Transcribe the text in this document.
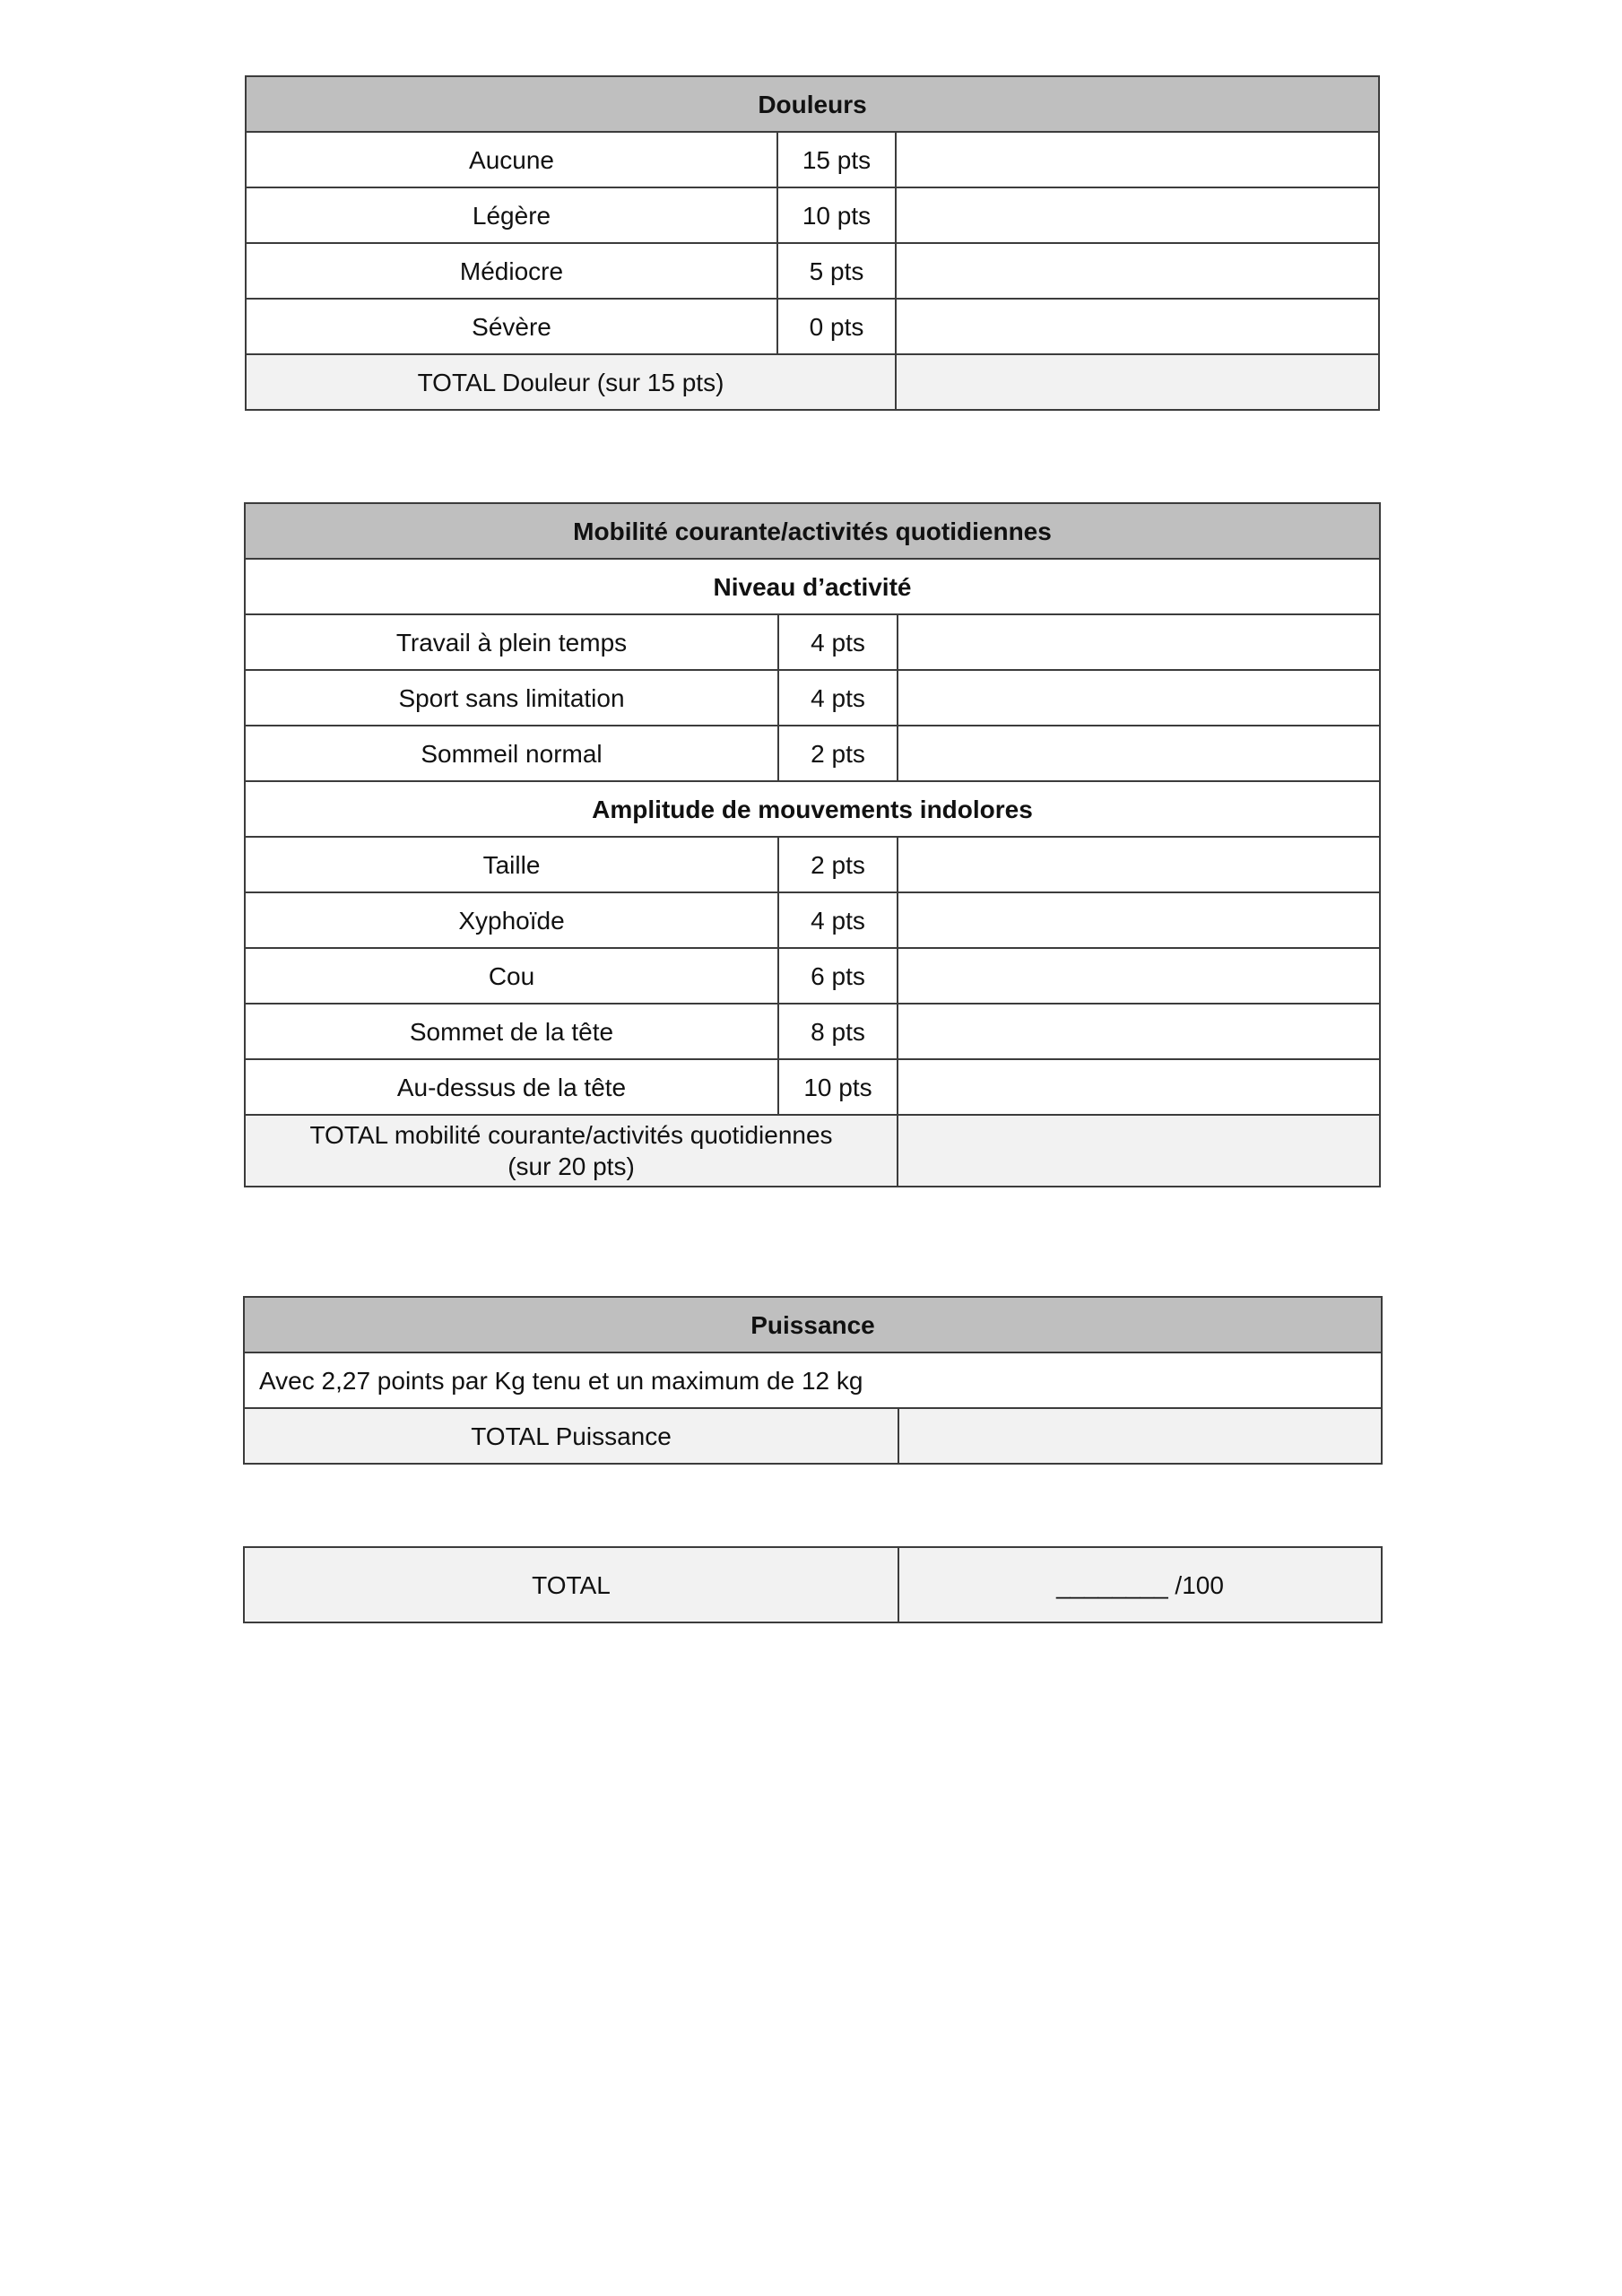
Douleurs		
Aucune	15 pts	
Légère	10 pts	
Médiocre	5 pts	
Sévère	0 pts	
TOTAL Douleur (sur 15 pts)		
Mobilité courante/activités quotidiennes		
Niveau d’activité		
Travail à plein temps	4 pts	
Sport sans limitation	4 pts	
Sommeil normal	2 pts	
Amplitude de mouvements indolores		
Taille	2 pts	
Xyphoïde	4 pts	
Cou	6 pts	
Sommet de la tête	8 pts	
Au-dessus de la tête	10 pts	

TOTAL mobilité courante/activités quotidiennes
(sur 20 pts)		

Puissance
Avec 2,27 points par Kg tenu et un maximum de 12 kg
TOTAL Puissance	
TOTAL	________ /100
